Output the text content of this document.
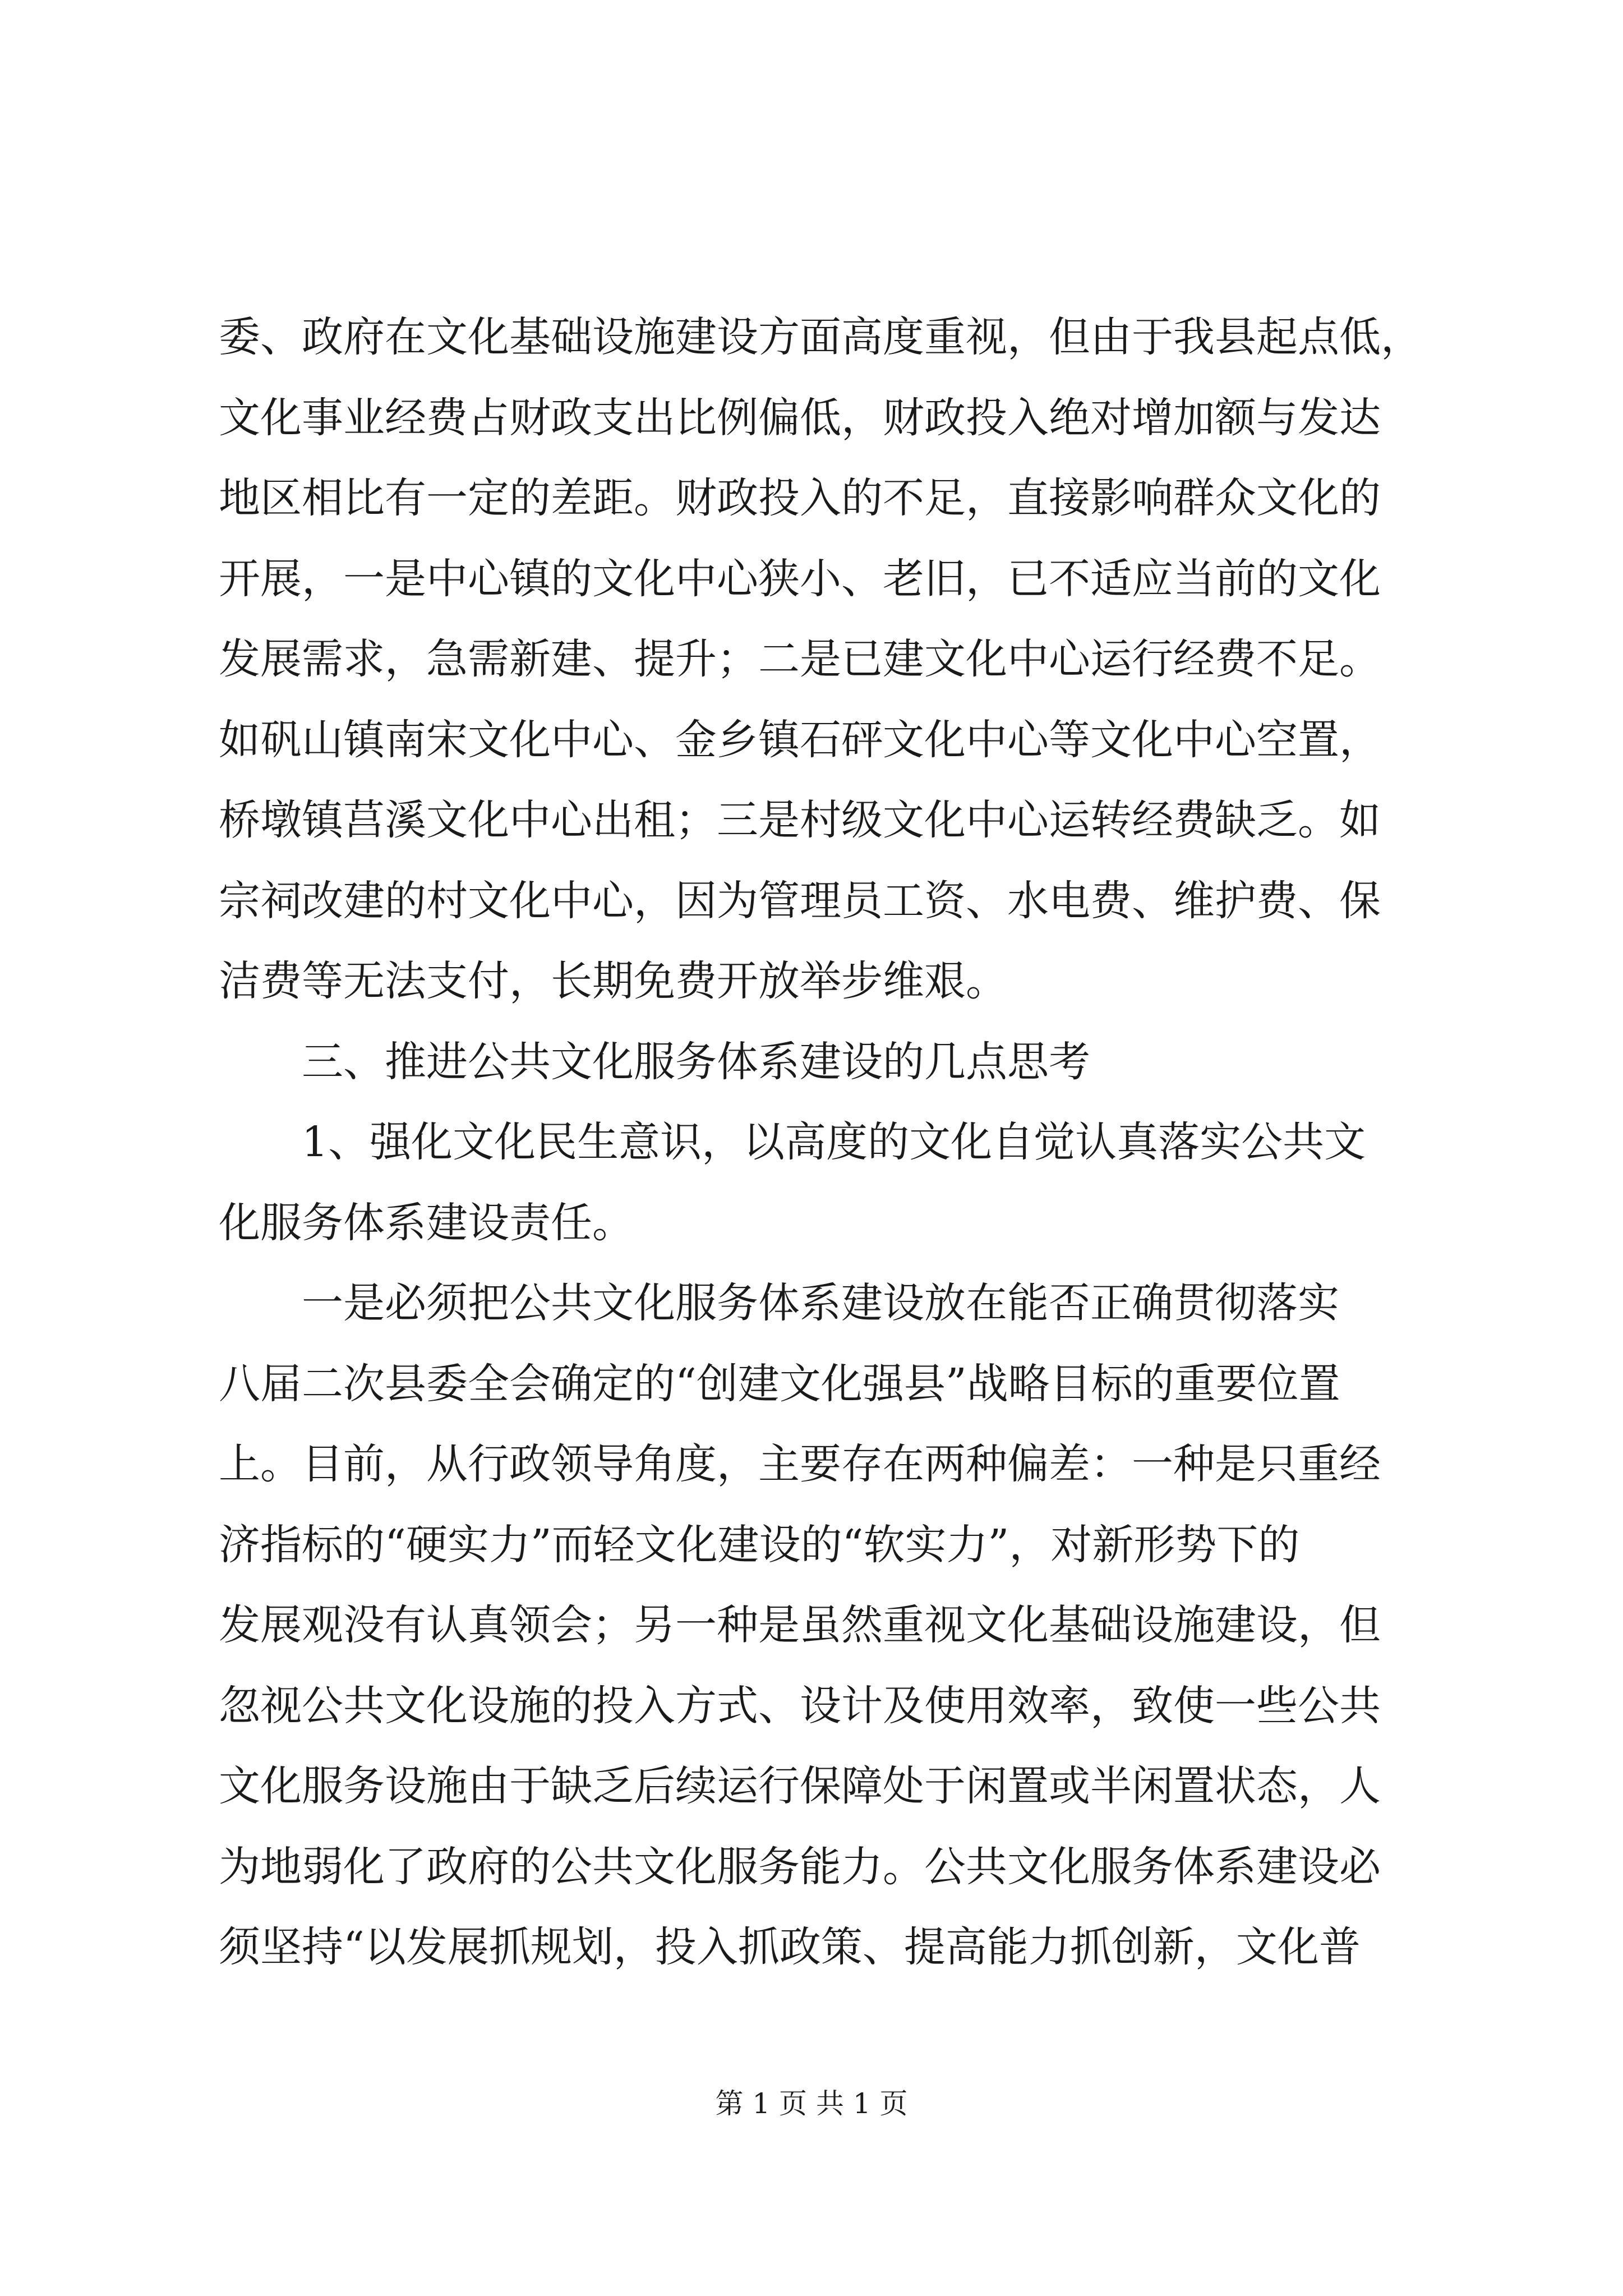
委、政府在文化基础设施建设方面高度重视，但由于我县起点低，
文化事业经费占财政支出比例偏低，财政投入绝对增加额与发达
地区相比有一定的差距。财政投入的不足，直接影响群众文化的
开展，一是中心镇的文化中心狭小、老旧，已不适应当前的文化
发展需求，急需新建、提升；二是已建文化中心运行经费不足。
如矾山镇南宋文化中心、金乡镇石砰文化中心等文化中心空置，
桥墩镇莒溪文化中心出租；三是村级文化中心运转经费缺乏。如
宗祠改建的村文化中心，因为管理员工资、水电费、维护费、保
洁费等无法支付，长期免费开放举步维艰。
三、推进公共文化服务体系建设的几点思考
1、强化文化民生意识，以高度的文化自觉认真落实公共文
化服务体系建设责任。
一是必须把公共文化服务体系建设放在能否正确贯彻落实
八届二次县委全会确定的“创建文化强县”战略目标的重要位置
上。目前，从行政领导角度，主要存在两种偏差：一种是只重经
济指标的“硬实力”而轻文化建设的“软实力”，对新形势下的
发展观没有认真领会；另一种是虽然重视文化基础设施建设，但
忽视公共文化设施的投入方式、设计及使用效率，致使一些公共
文化服务设施由于缺乏后续运行保障处于闲置或半闲置状态，人
为地弱化了政府的公共文化服务能力。公共文化服务体系建设必
须坚持“以发展抓规划，投入抓政策、提高能力抓创新，文化普
第 1 页 共 1 页
